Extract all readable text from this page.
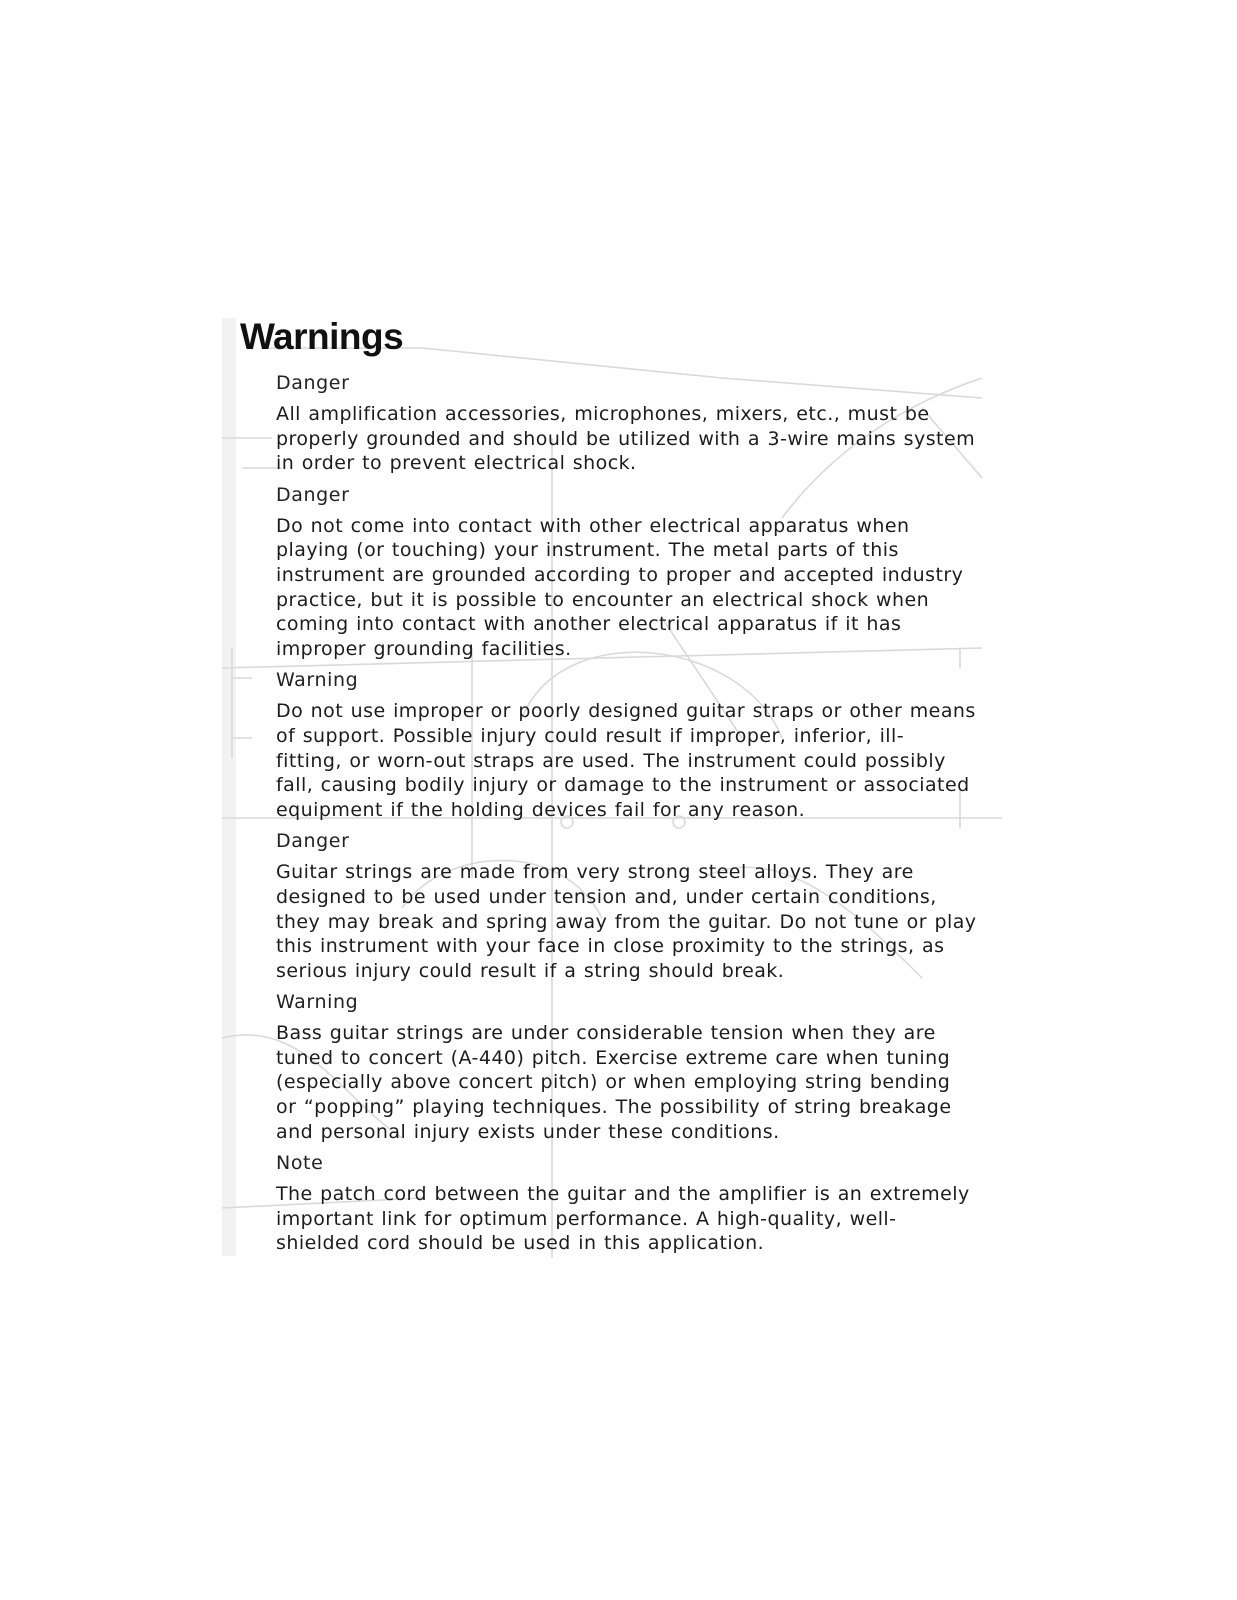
Warnings
Danger

All amplification accessories, microphones, mixers, etc., must be
properly grounded and should be utilized with a 3-wire mains system
in order to prevent electrical shock.

Danger

Do not come into contact with other electrical apparatus when
playing (or touching) your instrument. The metal parts of this
instrument are grounded according to proper and accepted industry
practice, but it is possible to encounter an electrical shock when
coming into contact with another electrical apparatus if it has
improper grounding facilities.

Warning

Do not use improper or poorly designed guitar straps or other means
of support. Possible injury could result if improper, inferior, ill-
fitting, or worn-out straps are used. The instrument could possibly
fall, causing bodily injury or damage to the instrument or associated
equipment if the holding devices fail for any reason.

Danger

Guitar strings are made from very strong steel alloys. They are
designed to be used under tension and, under certain conditions,
they may break and spring away from the guitar. Do not tune or play
this instrument with your face in close proximity to the strings, as
serious injury could result if a string should break.

Warning

Bass guitar strings are under considerable tension when they are
tuned to concert (A-440) pitch. Exercise extreme care when tuning
(especially above concert pitch) or when employing string bending
or “popping” playing techniques. The possibility of string breakage
and personal injury exists under these conditions.

Note

The patch cord between the guitar and the amplifier is an extremely
important link for optimum performance. A high-quality, well-
shielded cord should be used in this application.
